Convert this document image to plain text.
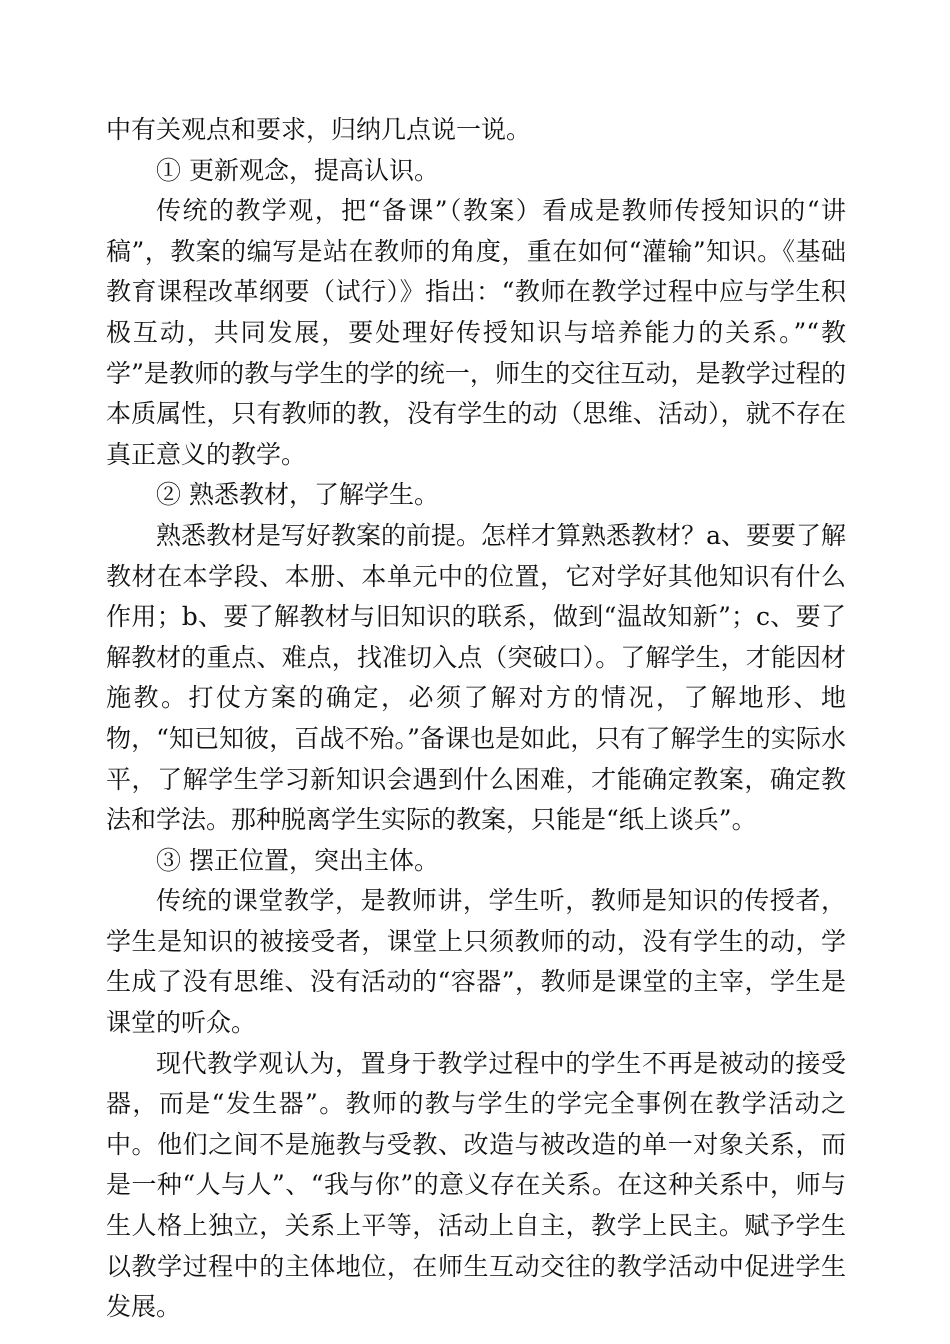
中有关观点和要求，归纳几点说一说。

① 更新观念，提高认识。

传统的教学观，把“备课”（教案）看成是教师传授知识的“讲稿”，教案的编写是站在教师的角度，重在如何“灌输”知识。《基础教育课程改革纲要（试行）》指出：“教师在教学过程中应与学生积极互动，共同发展，要处理好传授知识与培养能力的关系。”“教学”是教师的教与学生的学的统一，师生的交往互动，是教学过程的本质属性，只有教师的教，没有学生的动（思维、活动），就不存在真正意义的教学。

② 熟悉教材，了解学生。

熟悉教材是写好教案的前提。怎样才算熟悉教材？a、要要了解教材在本学段、本册、本单元中的位置，它对学好其他知识有什么作用；b、要了解教材与旧知识的联系，做到“温故知新”；c、要了解教材的重点、难点，找准切入点（突破口）。了解学生，才能因材施教。打仗方案的确定，必须了解对方的情况，了解地形、地物，“知已知彼，百战不殆。”备课也是如此，只有了解学生的实际水平，了解学生学习新知识会遇到什么困难，才能确定教案，确定教法和学法。那种脱离学生实际的教案，只能是“纸上谈兵”。

③ 摆正位置，突出主体。

传统的课堂教学，是教师讲，学生听，教师是知识的传授者，学生是知识的被接受者，课堂上只须教师的动，没有学生的动，学生成了没有思维、没有活动的“容器”，教师是课堂的主宰，学生是课堂的听众。

现代教学观认为，置身于教学过程中的学生不再是被动的接受器，而是“发生器”。教师的教与学生的学完全事例在教学活动之中。他们之间不是施教与受教、改造与被改造的单一对象关系，而是一种“人与人”、“我与你”的意义存在关系。在这种关系中，师与生人格上独立，关系上平等，活动上自主，教学上民主。赋予学生以教学过程中的主体地位，在师生互动交往的教学活动中促进学生发展。
